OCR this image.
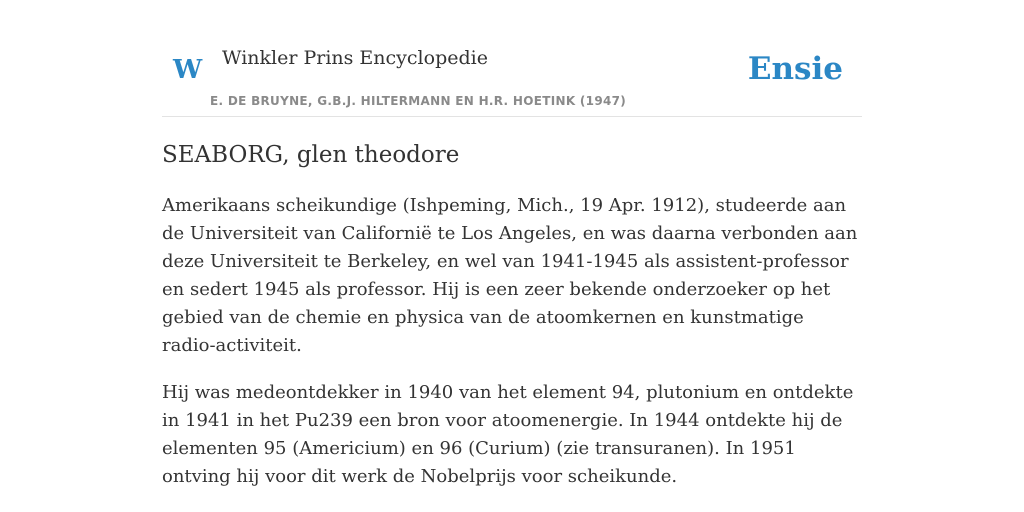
W Winkler Prins Encyclopedie
E. DE BRUYNE, G.B.J. HILTERMANN EN H.R. HOETINK (1947)
Ensie
SEABORG, glen theodore

Amerikaans scheikundige (Ishpeming, Mich., 19 Apr. 1912), studeerde aan de Universiteit van Californië te Los Angeles, en was daarna verbonden aan deze Universiteit te Berkeley, en wel van 1941-1945 als assistent-professor en sedert 1945 als professor. Hij is een zeer bekende onderzoeker op het gebied van de chemie en physica van de atoomkernen en kunstmatige radio-activiteit.

Hij was medeontdekker in 1940 van het element 94, plutonium en ontdekte in 1941 in het Pu239 een bron voor atoomenergie. In 1944 ontdekte hij de elementen 95 (Americium) en 96 (Curium) (zie transuranen). In 1951 ontving hij voor dit werk de Nobelprijs voor scheikunde.
